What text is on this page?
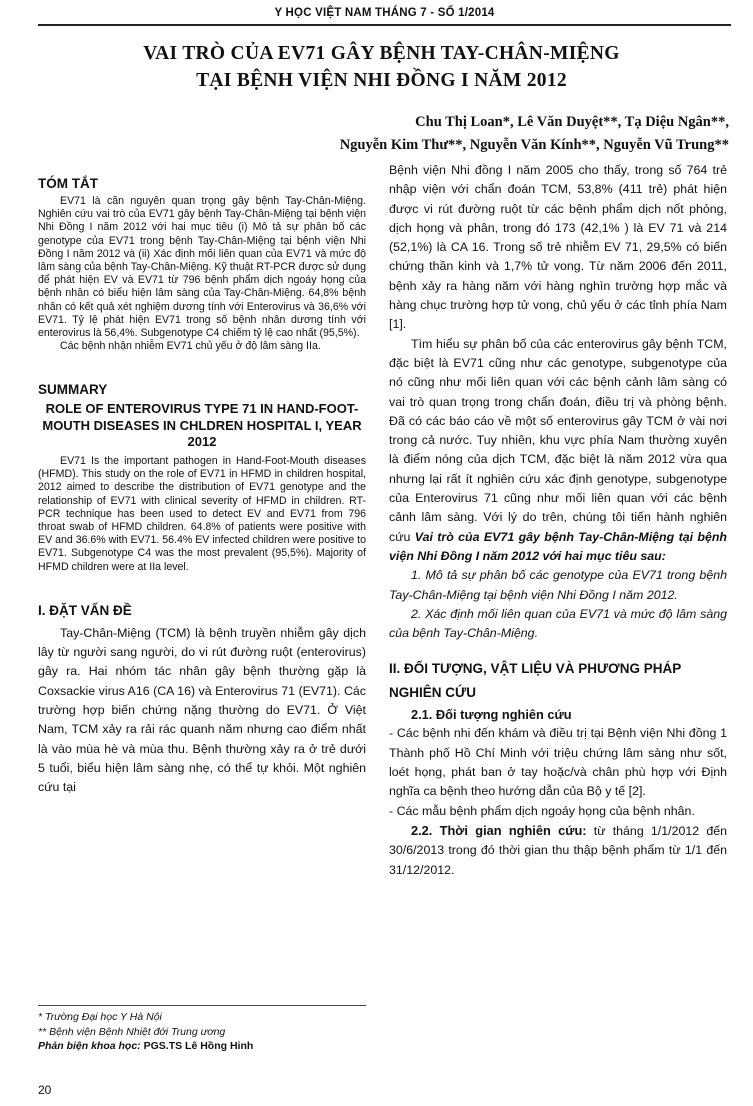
Y HỌC VIỆT NAM THÁNG 7 - SỐ 1/2014
VAI TRÒ CỦA EV71 GÂY BỆNH TAY-CHÂN-MIỆNG
TẠI BỆNH VIỆN NHI ĐỒNG I NĂM 2012
Chu Thị Loan*, Lê Văn Duyệt**, Tạ Diệu Ngân**,
Nguyễn Kim Thư**, Nguyễn Văn Kính**, Nguyễn Vũ Trung**

TÓM TẮT

EV71 là căn nguyên quan trọng gây bệnh Tay-Chân-Miệng. Nghiên cứu vai trò của EV71 gây bệnh Tay-Chân-Miệng tại bệnh viện Nhi Đồng I năm 2012 với hai mục tiêu (i) Mô tả sự phân bố các genotype của EV71 trong bệnh Tay-Chân-Miệng tại bệnh viện Nhi Đồng I năm 2012 và (ii) Xác định mối liên quan của EV71 và mức độ lâm sàng của bệnh Tay-Chân-Miệng. Kỹ thuật RT-PCR được sử dụng để phát hiện EV và EV71 từ 796 bệnh phẩm dịch ngoáy họng của bệnh nhân có biểu hiện lâm sàng của Tay-Chân-Miệng. 64,8% bệnh nhân có kết quả xét nghiệm dương tính với Enterovirus và 36,6% với EV71. Tỷ lệ phát hiện EV71 trong số bệnh nhân dương tính với enterovirus là 56,4%. Subgenotype C4 chiếm tỷ lệ cao nhất (95,5%).

Các bệnh nhận nhiễm EV71 chủ yếu ở độ lâm sàng IIa.

SUMMARY

ROLE OF ENTEROVIRUS TYPE 71 IN HAND-FOOT-MOUTH DISEASES IN CHLDREN HOSPITAL I, YEAR 2012

EV71 Is the important pathogen in Hand-Foot-Mouth diseases (HFMD). This study on the role of EV71 in HFMD in children hospital, 2012 aimed to describe the distribution of EV71 genotype and the relationship of EV71 with clinical severity of HFMD in children. RT-PCR technique has been used to detect EV and EV71 from 796 throat swab of HFMD children. 64.8% of patients were positive with EV and 36.6% with EV71. 56.4% EV infected children were positive to EV71. Subgenotype C4 was the most prevalent (95,5%). Majority of HFMD children were at IIa level.

I. ĐẶT VẤN ĐỀ

Tay-Chân-Miệng (TCM) là bệnh truyền nhiễm gây dịch lây từ người sang người, do vi rút đường ruột (enterovirus) gây ra. Hai nhóm tác nhân gây bệnh thường gặp là Coxsackie virus A16 (CA 16) và Enterovirus 71 (EV71). Các trường hợp biến chứng nặng thường do EV71. Ở Việt Nam, TCM xảy ra rải rác quanh năm nhưng cao điểm nhất là vào mùa hè và mùa thu. Bệnh thường xảy ra ở trẻ dưới 5 tuổi, biểu hiện lâm sàng nhẹ, có thể tự khỏi. Một nghiên cứu tại

Bệnh viện Nhi đồng I năm 2005 cho thấy, trong số 764 trẻ nhập viện với chẩn đoán TCM, 53,8% (411 trẻ) phát hiện được vi rút đường ruột từ các bệnh phẩm dịch nốt phỏng, dịch họng và phân, trong đó 173 (42,1% ) là EV 71 và 214 (52,1%) là CA 16. Trong số trẻ nhiễm EV 71, 29,5% có biến chứng thần kinh và 1,7% tử vong. Từ năm 2006 đến 2011, bệnh xảy ra hàng năm với hàng nghìn trường hợp mắc và hàng chục trường hợp tử vong, chủ yếu ở các tỉnh phía Nam [1].

Tìm hiểu sự phân bố của các enterovirus gây bệnh TCM, đặc biệt là EV71 cũng như các genotype, subgenotype của nó cũng như mối liên quan với các bệnh cảnh lâm sàng có vai trò quan trọng trong chẩn đoán, điều trị và phòng bệnh. Đã có các báo cáo về một số enterovirus gây TCM ở vài nơi trong cả nước. Tuy nhiên, khu vực phía Nam thường xuyên là điểm nóng của dịch TCM, đặc biệt là năm 2012 vừa qua nhưng lại rất ít nghiên cứu xác định genotype, subgenotype của Enterovirus 71 cũng như mối liên quan với các bệnh cảnh lâm sàng. Với lý do trên, chúng tôi tiến hành nghiên cứu Vai trò của EV71 gây bệnh Tay-Chân-Miệng tại bệnh viện Nhi Đồng I năm 2012 với hai mục tiêu sau:

1. Mô tả sự phân bố các genotype của EV71 trong bệnh Tay-Chân-Miệng tại bệnh viện Nhi Đồng I năm 2012.

2. Xác định mối liên quan của EV71 và mức độ lâm sàng của bệnh Tay-Chân-Miệng.

II. ĐỐI TƯỢNG, VẬT LIỆU VÀ PHƯƠNG PHÁP NGHIÊN CỨU

2.1. Đối tượng nghiên cứu

- Các bệnh nhi đến khám và điều trị tại Bệnh viện Nhi đồng 1 Thành phố Hồ Chí Minh với triệu chứng lâm sàng như sốt, loét họng, phát ban ở tay hoặc/và chân phù hợp với Định nghĩa ca bệnh theo hướng dẫn của Bộ y tế [2].

- Các mẫu bệnh phẩm dịch ngoáy họng của bệnh nhân.

2.2. Thời gian nghiên cứu: từ tháng 1/1/2012 đến 30/6/2013 trong đó thời gian thu thập bệnh phẩm từ 1/1 đến 31/12/2012.

* Trường Đại học Y Hà Nội
** Bệnh viện Bệnh Nhiệt đới Trung ương
Phản biện khoa học: PGS.TS Lê Hồng Hinh
20
